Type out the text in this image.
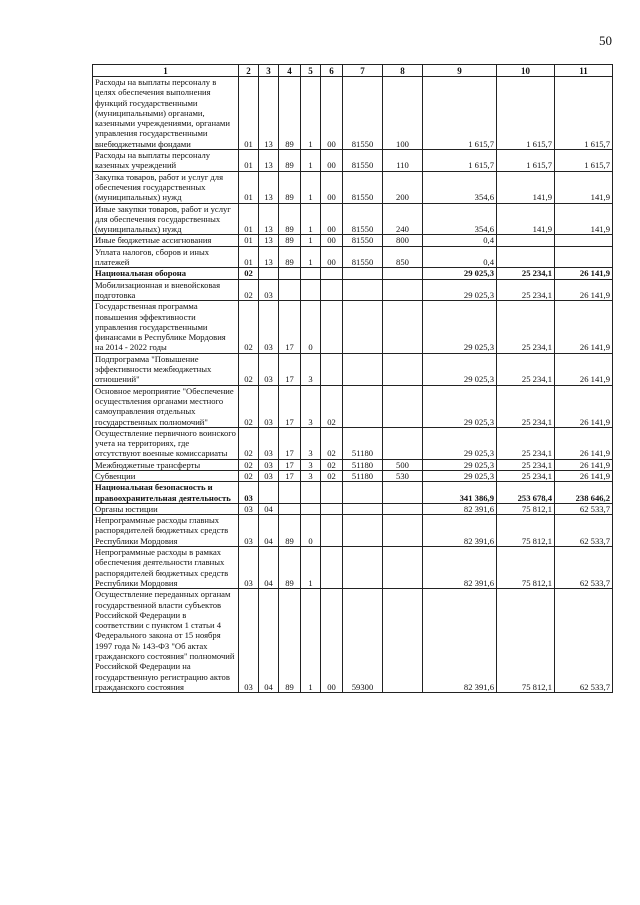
50
1	2	3	4	5	6	7	8	9	10	11
Расходы на выплаты персоналу в целях обеспечения выполнения функций государственными (муниципальными) органами, казенными учреждениями, органами управления государственными внебюджетными фондами	01	13	89	1	00	81550	100	1 615,7	1 615,7	1 615,7
Расходы на выплаты персоналу казенных учреждений	01	13	89	1	00	81550	110	1 615,7	1 615,7	1 615,7
Закупка товаров, работ и услуг для обеспечения государственных (муниципальных) нужд	01	13	89	1	00	81550	200	354,6	141,9	141,9
Иные закупки товаров, работ и услуг для обеспечения государственных (муниципальных) нужд	01	13	89	1	00	81550	240	354,6	141,9	141,9
Иные бюджетные ассигнования	01	13	89	1	00	81550	800	0,4		
Уплата налогов, сборов и иных платежей	01	13	89	1	00	81550	850	0,4		
Национальная оборона	02							29 025,3	25 234,1	26 141,9
Мобилизационная и вневойсковая подготовка	02	03						29 025,3	25 234,1	26 141,9
Государственная программа повышения эффективности управления государственными финансами в Республике Мордовия на 2014 - 2022 годы	02	03	17	0				29 025,3	25 234,1	26 141,9
Подпрограмма "Повышение эффективности межбюджетных отношений"	02	03	17	3				29 025,3	25 234,1	26 141,9
Основное мероприятие "Обеспечение осуществления органами местного самоуправления отдельных государственных полномочий"	02	03	17	3	02			29 025,3	25 234,1	26 141,9
Осуществление первичного воинского учета на территориях, где отсутствуют военные комиссариаты	02	03	17	3	02	51180		29 025,3	25 234,1	26 141,9
Межбюджетные трансферты	02	03	17	3	02	51180	500	29 025,3	25 234,1	26 141,9
Субвенции	02	03	17	3	02	51180	530	29 025,3	25 234,1	26 141,9
Национальная безопасность и правоохранительная деятельность	03							341 386,9	253 678,4	238 646,2
Органы юстиции	03	04						82 391,6	75 812,1	62 533,7
Непрограммные расходы главных распорядителей бюджетных средств Республики Мордовия	03	04	89	0				82 391,6	75 812,1	62 533,7
Непрограммные расходы в рамках обеспечения деятельности главных распорядителей бюджетных средств Республики Мордовия	03	04	89	1				82 391,6	75 812,1	62 533,7
Осуществление переданных органам государственной власти субъектов Российской Федерации в соответствии с пунктом 1 статьи 4 Федерального закона от 15 ноября 1997 года № 143-ФЗ "Об актах гражданского состояния" полномочий Российской Федерации на государственную регистрацию актов гражданского состояния	03	04	89	1	00	59300		82 391,6	75 812,1	62 533,7
